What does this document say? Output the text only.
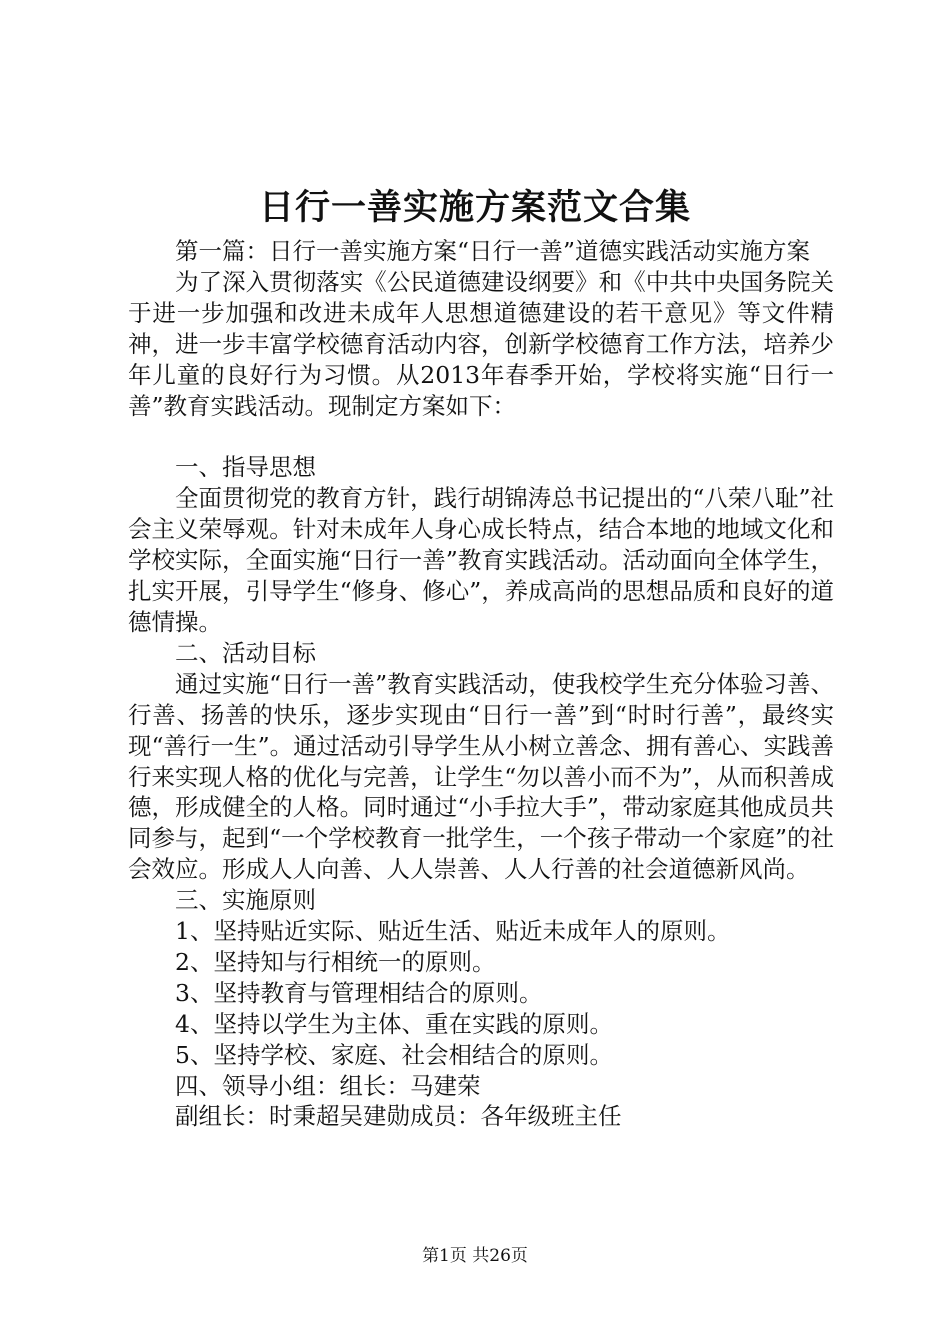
日行一善实施方案范文合集

第一篇：日行一善实施方案“日行一善”道德实践活动实施方案

为了深入贯彻落实《公民道德建设纲要》和《中共中央国务院关于进一步加强和改进未成年人思想道德建设的若干意见》等文件精神，进一步丰富学校德育活动内容，创新学校德育工作方法，培养少年儿童的良好行为习惯。从2013年春季开始，学校将实施“日行一善”教育实践活动。现制定方案如下：

一、指导思想

全面贯彻党的教育方针，践行胡锦涛总书记提出的“八荣八耻”社会主义荣辱观。针对未成年人身心成长特点，结合本地的地域文化和学校实际，全面实施“日行一善”教育实践活动。活动面向全体学生，扎实开展，引导学生“修身、修心”，养成高尚的思想品质和良好的道德情操。

二、活动目标

通过实施“日行一善”教育实践活动，使我校学生充分体验习善、行善、扬善的快乐，逐步实现由“日行一善”到“时时行善”，最终实现“善行一生”。通过活动引导学生从小树立善念、拥有善心、实践善行来实现人格的优化与完善，让学生“勿以善小而不为”，从而积善成德，形成健全的人格。同时通过“小手拉大手”，带动家庭其他成员共同参与，起到“一个学校教育一批学生，一个孩子带动一个家庭”的社会效应。形成人人向善、人人崇善、人人行善的社会道德新风尚。

三、实施原则

1、坚持贴近实际、贴近生活、贴近未成年人的原则。

2、坚持知与行相统一的原则。

3、坚持教育与管理相结合的原则。

4、坚持以学生为主体、重在实践的原则。

5、坚持学校、家庭、社会相结合的原则。

四、领导小组：组长：马建荣

副组长：时秉超吴建勋成员：各年级班主任

第1页 共26页
